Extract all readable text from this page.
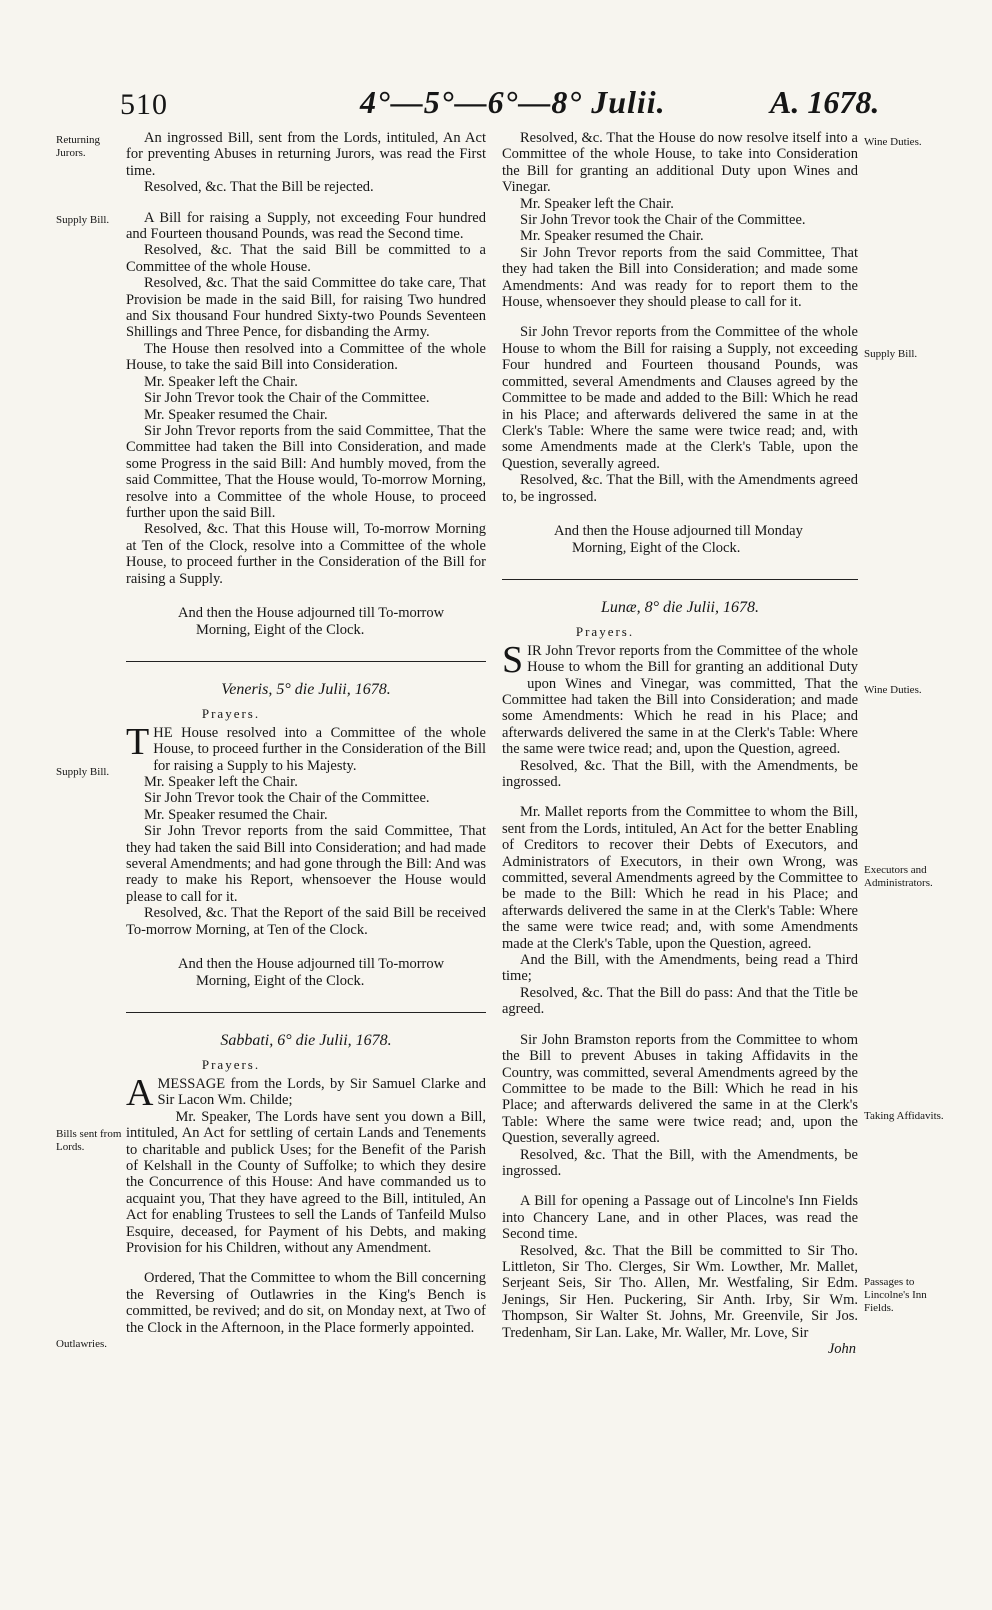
510	4°—5°—6°—8° Julii.	A. 1678.

An ingrossed Bill, sent from the Lords, intituled, An Act for preventing Abuses in returning Jurors, was read the First time.

Resolved, &c. That the Bill be rejected.

A Bill for raising a Supply, not exceeding Four hundred and Fourteen thousand Pounds, was read the Second time.

Resolved, &c. That the said Bill be committed to a Committee of the whole House.

Resolved, &c. That the said Committee do take care, That Provision be made in the said Bill, for raising Two hundred and Six thousand Four hundred Sixty-two Pounds Seventeen Shillings and Three Pence, for disbanding the Army.

The House then resolved into a Committee of the whole House, to take the said Bill into Consideration.

Mr. Speaker left the Chair.

Sir John Trevor took the Chair of the Committee.

Mr. Speaker resumed the Chair.

Sir John Trevor reports from the said Committee, That the Committee had taken the Bill into Consideration, and made some Progress in the said Bill: And humbly moved, from the said Committee, That the House would, To-morrow Morning, resolve into a Committee of the whole House, to proceed further upon the said Bill.

Resolved, &c. That this House will, To-morrow Morning at Ten of the Clock, resolve into a Committee of the whole House, to proceed further in the Consideration of the Bill for raising a Supply.

And then the House adjourned till To-morrow
Morning, Eight of the Clock.

Veneris, 5° die Julii, 1678.

Prayers.

THE House resolved into a Committee of the whole House, to proceed further in the Consideration of the Bill for raising a Supply to his Majesty.

Mr. Speaker left the Chair.

Sir John Trevor took the Chair of the Committee.

Mr. Speaker resumed the Chair.

Sir John Trevor reports from the said Committee, That they had taken the said Bill into Consideration; and had made several Amendments; and had gone through the Bill: And was ready to make his Report, whensoever the House would please to call for it.

Resolved, &c. That the Report of the said Bill be received To-morrow Morning, at Ten of the Clock.

And then the House adjourned till To-morrow
Morning, Eight of the Clock.

Sabbati, 6° die Julii, 1678.

Prayers.

AMESSAGE from the Lords, by Sir Samuel Clarke and Sir Lacon Wm. Childe;

Mr. Speaker, The Lords have sent you down a Bill, intituled, An Act for settling of certain Lands and Tenements to charitable and publick Uses; for the Benefit of the Parish of Kelshall in the County of Suffolke; to which they desire the Concurrence of this House: And have commanded us to acquaint you, That they have agreed to the Bill, intituled, An Act for enabling Trustees to sell the Lands of Tanfeild Mulso Esquire, deceased, for Payment of his Debts, and making Provision for his Children, without any Amendment.

Ordered, That the Committee to whom the Bill concerning the Reversing of Outlawries in the King's Bench is committed, be revived; and do sit, on Monday next, at Two of the Clock in the Afternoon, in the Place formerly appointed.

Resolved, &c. That the House do now resolve itself into a Committee of the whole House, to take into Consideration the Bill for granting an additional Duty upon Wines and Vinegar.

Mr. Speaker left the Chair.

Sir John Trevor took the Chair of the Committee.

Mr. Speaker resumed the Chair.

Sir John Trevor reports from the said Committee, That they had taken the Bill into Consideration; and made some Amendments: And was ready for to report them to the House, whensoever they should please to call for it.

Sir John Trevor reports from the Committee of the whole House to whom the Bill for raising a Supply, not exceeding Four hundred and Fourteen thousand Pounds, was committed, several Amendments and Clauses agreed by the Committee to be made and added to the Bill: Which he read in his Place; and afterwards delivered the same in at the Clerk's Table: Where the same were twice read; and, with some Amendments made at the Clerk's Table, upon the Question, severally agreed.

Resolved, &c. That the Bill, with the Amendments agreed to, be ingrossed.

And then the House adjourned till Monday
Morning, Eight of the Clock.

Lunæ, 8° die Julii, 1678.

Prayers.

SIR John Trevor reports from the Committee of the whole House to whom the Bill for granting an additional Duty upon Wines and Vinegar, was committed, That the Committee had taken the Bill into Consideration; and made some Amendments: Which he read in his Place; and afterwards delivered the same in at the Clerk's Table: Where the same were twice read; and, upon the Question, agreed.

Resolved, &c. That the Bill, with the Amendments, be ingrossed.

Mr. Mallet reports from the Committee to whom the Bill, sent from the Lords, intituled, An Act for the better Enabling of Creditors to recover their Debts of Executors, and Administrators of Executors, in their own Wrong, was committed, several Amendments agreed by the Committee to be made to the Bill: Which he read in his Place; and afterwards delivered the same in at the Clerk's Table: Where the same were twice read; and, with some Amendments made at the Clerk's Table, upon the Question, agreed.

And the Bill, with the Amendments, being read a Third time;

Resolved, &c. That the Bill do pass: And that the Title be agreed.

Sir John Bramston reports from the Committee to whom the Bill to prevent Abuses in taking Affidavits in the Country, was committed, several Amendments agreed by the Committee to be made to the Bill: Which he read in his Place; and afterwards delivered the same in at the Clerk's Table: Where the same were twice read; and, upon the Question, severally agreed.

Resolved, &c. That the Bill, with the Amendments, be ingrossed.

A Bill for opening a Passage out of Lincolne's Inn Fields into Chancery Lane, and in other Places, was read the Second time.

Resolved, &c. That the Bill be committed to Sir Tho. Littleton, Sir Tho. Clerges, Sir Wm. Lowther, Mr. Mallet, Serjeant Seis, Sir Tho. Allen, Mr. Westfaling, Sir Edm. Jenings, Sir Hen. Puckering, Sir Anth. Irby, Sir Wm. Thompson, Sir Walter St. Johns, Mr. Greenvile, Sir Jos. Tredenham, Sir Lan. Lake, Mr. Waller, Mr. Love, Sir

John

Returning Jurors.
Supply Bill.
Supply Bill.
Bills sent from Lords.
Outlawries.
Wine Duties.
Supply Bill.
Wine Duties.
Executors and Administrators.
Taking Affidavits.
Passages to Lincolne's Inn Fields.
